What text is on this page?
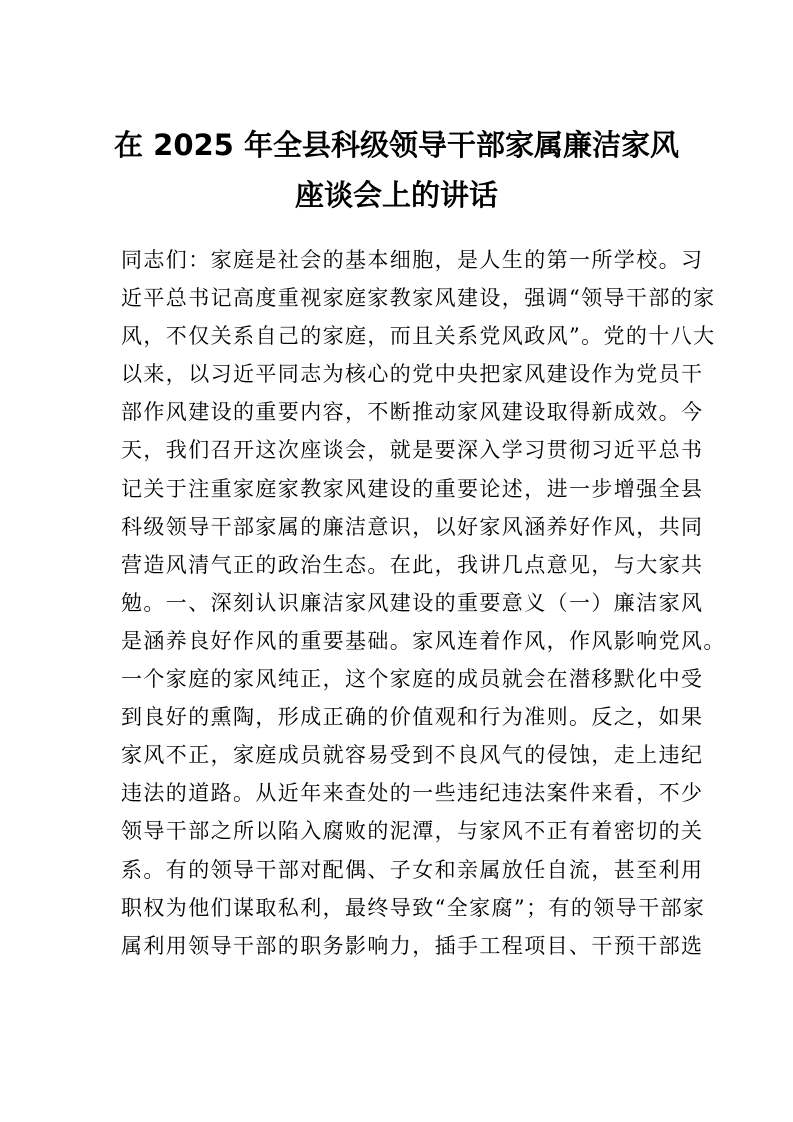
在 2025 年全县科级领导干部家属廉洁家风
座谈会上的讲话
同志们：家庭是社会的基本细胞，是人生的第一所学校。习
近平总书记高度重视家庭家教家风建设，强调“领导干部的家
风，不仅关系自己的家庭，而且关系党风政风”。党的十八大
以来，以习近平同志为核心的党中央把家风建设作为党员干
部作风建设的重要内容，不断推动家风建设取得新成效。今
天，我们召开这次座谈会，就是要深入学习贯彻习近平总书
记关于注重家庭家教家风建设的重要论述，进一步增强全县
科级领导干部家属的廉洁意识，以好家风涵养好作风，共同
营造风清气正的政治生态。在此，我讲几点意见，与大家共
勉。一、深刻认识廉洁家风建设的重要意义（一）廉洁家风
是涵养良好作风的重要基础。家风连着作风，作风影响党风。
一个家庭的家风纯正，这个家庭的成员就会在潜移默化中受
到良好的熏陶，形成正确的价值观和行为准则。反之，如果
家风不正，家庭成员就容易受到不良风气的侵蚀，走上违纪
违法的道路。从近年来查处的一些违纪违法案件来看，不少
领导干部之所以陷入腐败的泥潭，与家风不正有着密切的关
系。有的领导干部对配偶、子女和亲属放任自流，甚至利用
职权为他们谋取私利，最终导致“全家腐”；有的领导干部家
属利用领导干部的职务影响力，插手工程项目、干预干部选
